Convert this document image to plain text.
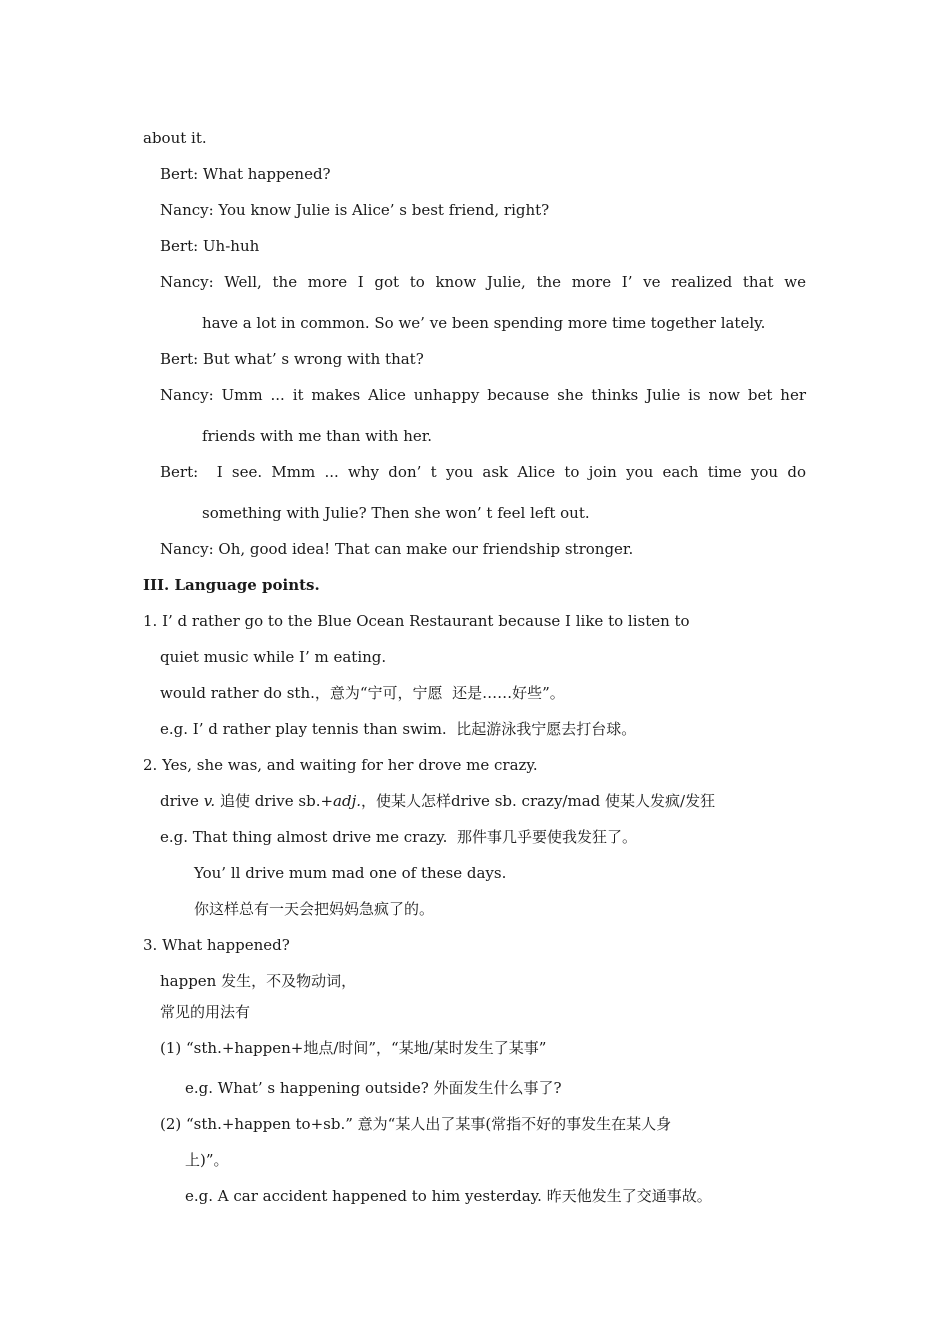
about it.

Bert: What happened?

Nancy: You know Julie is Alice’ s best friend, right?

Bert: Uh-huh

Nancy: Well, the more I got to know Julie, the more I’ ve realized that we

have a lot in common. So we’ ve been spending more time together lately.

Bert: But what’ s wrong with that?

Nancy: Umm ... it makes Alice unhappy because she thinks Julie is now bet her

friends with me than with her.

Bert:  I see. Mmm ... why don’ t you ask Alice to join you each time you do

something with Julie? Then she won’ t feel left out.

Nancy: Oh, good idea! That can make our friendship stronger.

III. Language points.

1. I’ d rather go to the Blue Ocean Restaurant because I like to listen to

quiet music while I’ m eating.

would rather do sth.，意为“宁可，宁愿  还是……好些”。

e.g. I’ d rather play tennis than swim.  比起游泳我宁愿去打台球。

2. Yes, she was, and waiting for her drove me crazy.

drive v. 追使 drive sb.+adj.，使某人怎样drive sb. crazy/mad 使某人发疯/发狂

e.g. That thing almost drive me crazy.  那件事几乎要使我发狂了。

You’ ll drive mum mad one of these days.

你这样总有一天会把妈妈急疯了的。

3. What happened?

happen 发生，不及物动词，

常见的用法有

(1) “sth.+happen+地点/时间”，“某地/某时发生了某事”

e.g. What’ s happening outside? 外面发生什么事了?

(2) “sth.+happen to+sb.” 意为“某人出了某事(常指不好的事发生在某人身

上)”。

e.g. A car accident happened to him yesterday. 昨天他发生了交通事故。
